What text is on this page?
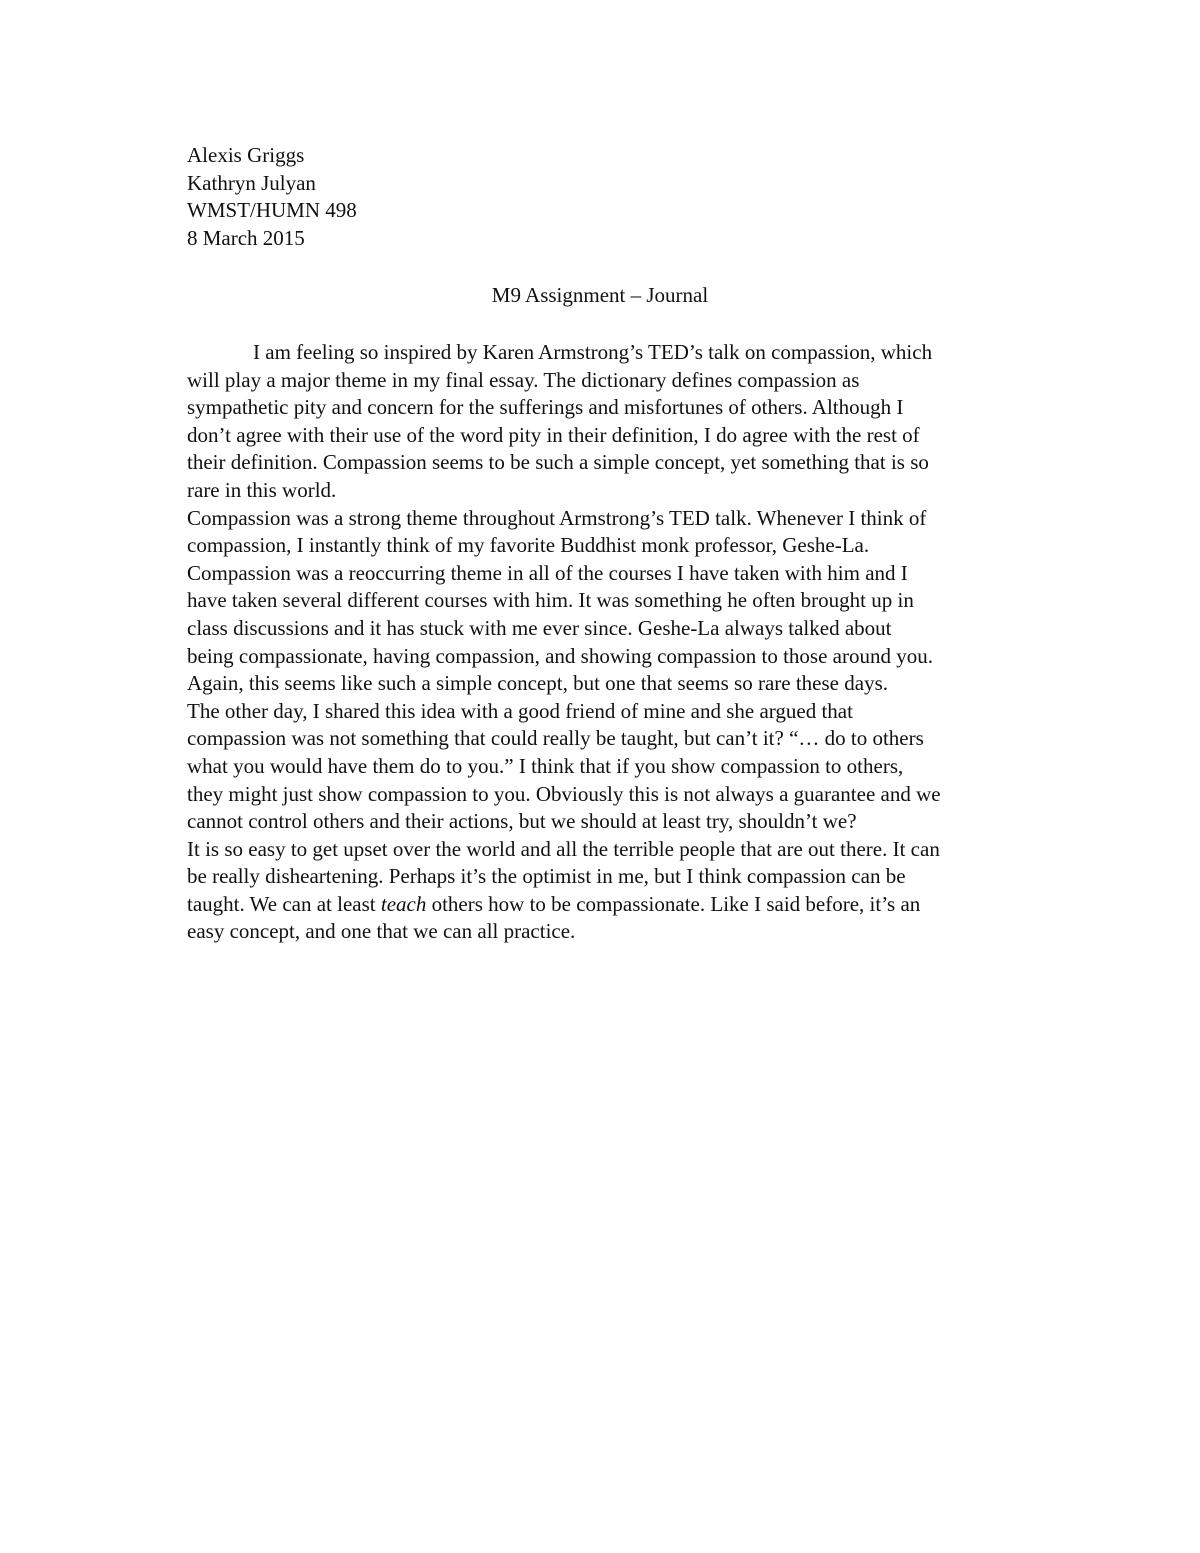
Alexis Griggs
Kathryn Julyan
WMST/HUMN 498
8 March 2015
M9 Assignment – Journal
I am feeling so inspired by Karen Armstrong’s TED’s talk on compassion, which
will play a major theme in my final essay. The dictionary defines compassion as
sympathetic pity and concern for the sufferings and misfortunes of others. Although I
don’t agree with their use of the word pity in their definition, I do agree with the rest of
their definition. Compassion seems to be such a simple concept, yet something that is so
rare in this world.
Compassion was a strong theme throughout Armstrong’s TED talk. Whenever I think of
compassion, I instantly think of my favorite Buddhist monk professor, Geshe-La.
Compassion was a reoccurring theme in all of the courses I have taken with him and I
have taken several different courses with him. It was something he often brought up in
class discussions and it has stuck with me ever since. Geshe-La always talked about
being compassionate, having compassion, and showing compassion to those around you.
Again, this seems like such a simple concept, but one that seems so rare these days.
The other day, I shared this idea with a good friend of mine and she argued that
compassion was not something that could really be taught, but can’t it? “… do to others
what you would have them do to you.” I think that if you show compassion to others,
they might just show compassion to you. Obviously this is not always a guarantee and we
cannot control others and their actions, but we should at least try, shouldn’t we?
It is so easy to get upset over the world and all the terrible people that are out there. It can
be really disheartening. Perhaps it’s the optimist in me, but I think compassion can be
taught. We can at least teach others how to be compassionate. Like I said before, it’s an
easy concept, and one that we can all practice.
